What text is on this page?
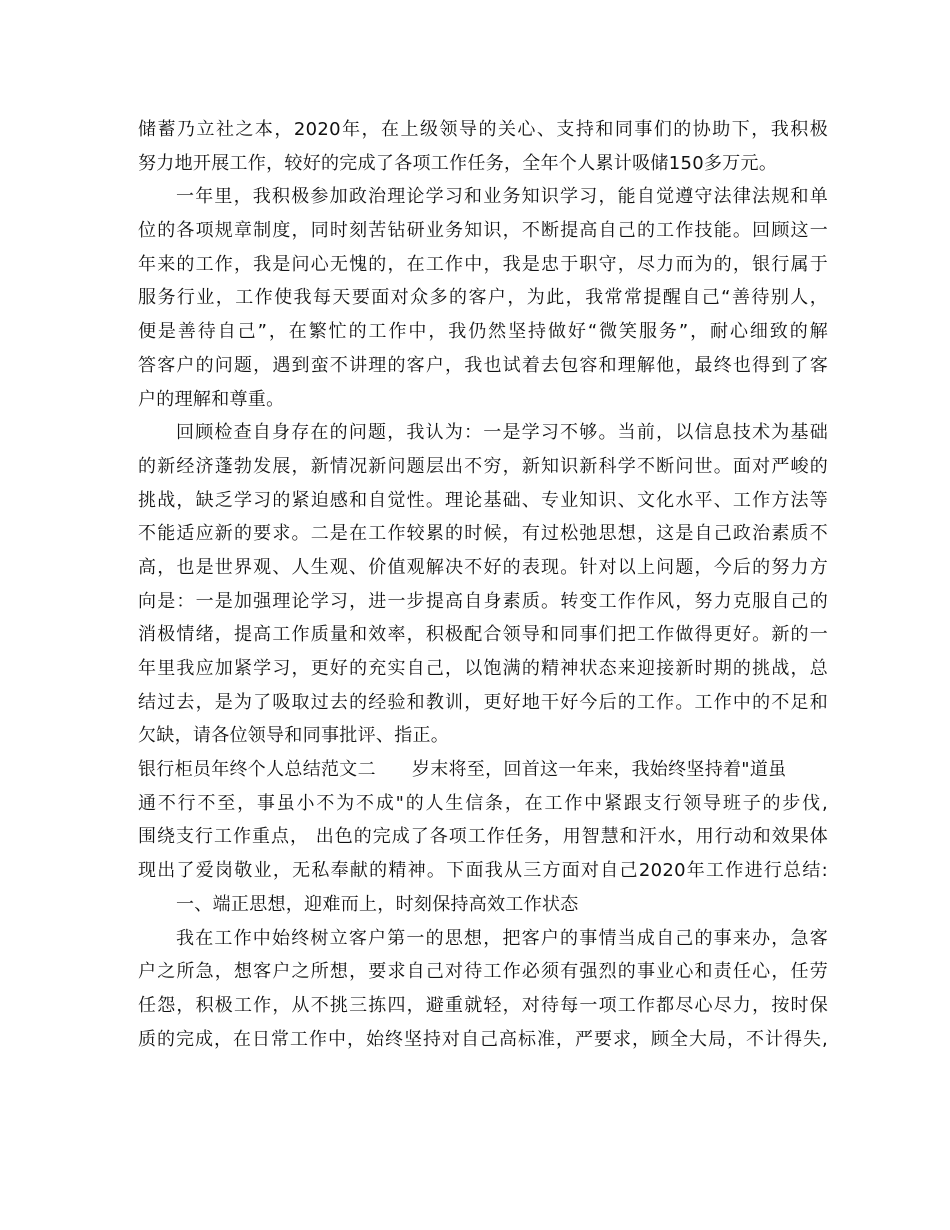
储蓄乃立社之本，2020年，在上级领导的关心、支持和同事们的协助下，我积极
努力地开展工作，较好的完成了各项工作任务，全年个人累计吸储150多万元。
一年里，我积极参加政治理论学习和业务知识学习，能自觉遵守法律法规和单
位的各项规章制度，同时刻苦钻研业务知识，不断提高自己的工作技能。回顾这一
年来的工作，我是问心无愧的，在工作中，我是忠于职守，尽力而为的，银行属于
服务行业，工作使我每天要面对众多的客户，为此，我常常提醒自己“善待别人，
便是善待自己”，在繁忙的工作中，我仍然坚持做好“微笑服务”，耐心细致的解
答客户的问题，遇到蛮不讲理的客户，我也试着去包容和理解他，最终也得到了客
户的理解和尊重。
回顾检查自身存在的问题，我认为：一是学习不够。当前，以信息技术为基础
的新经济蓬勃发展，新情况新问题层出不穷，新知识新科学不断问世。面对严峻的
挑战，缺乏学习的紧迫感和自觉性。理论基础、专业知识、文化水平、工作方法等
不能适应新的要求。二是在工作较累的时候，有过松弛思想，这是自己政治素质不
高，也是世界观、人生观、价值观解决不好的表现。针对以上问题，今后的努力方
向是：一是加强理论学习，进一步提高自身素质。转变工作作风，努力克服自己的
消极情绪，提高工作质量和效率，积极配合领导和同事们把工作做得更好。新的一
年里我应加紧学习，更好的充实自己，以饱满的精神状态来迎接新时期的挑战，总
结过去，是为了吸取过去的经验和教训，更好地干好今后的工作。工作中的不足和
欠缺，请各位领导和同事批评、指正。
银行柜员年终个人总结范文二 岁末将至，回首这一年来，我始终坚持着"道虽
通不行不至，事虽小不为不成"的人生信条，在工作中紧跟支行领导班子的步伐,
围绕支行工作重点， 出色的完成了各项工作任务，用智慧和汗水，用行动和效果体
现出了爱岗敬业，无私奉献的精神。下面我从三方面对自己2020年工作进行总结:
一、端正思想，迎难而上，时刻保持高效工作状态
我在工作中始终树立客户第一的思想，把客户的事情当成自己的事来办，急客
户之所急，想客户之所想，要求自己对待工作必须有强烈的事业心和责任心，任劳
任怨，积极工作，从不挑三拣四，避重就轻，对待每一项工作都尽心尽力，按时保
质的完成，在日常工作中，始终坚持对自己高标准，严要求，顾全大局，不计得失,
